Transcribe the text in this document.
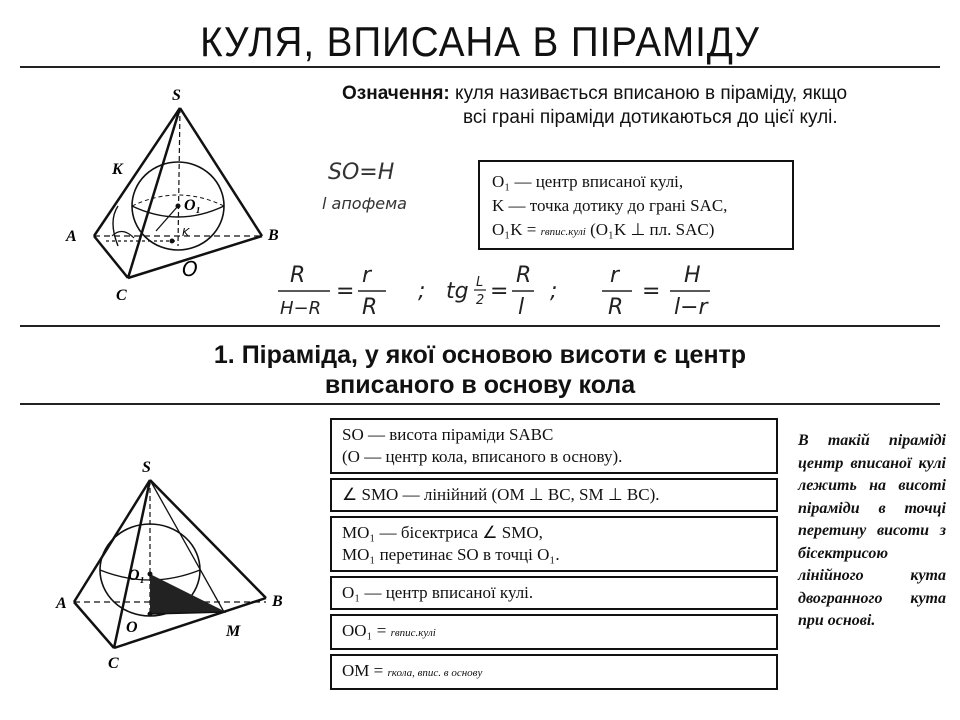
КУЛЯ, ВПИСАНА В ПІРАМІДУ
Означення: куля називається вписаною в піраміду, якщо
всі грані піраміди дотикаються до цієї кулі.
S
K
A	B
C
O₁
O
K
SO=H
l апофема
O₁ — центр вписаної кулі,
K — точка дотику до грані SAC,
O₁K = rвпис.кулі (O₁K ⊥ пл. SAC)
R
H−R
=
r
R
; tg L
2 =
R
l
;
r
R
=
H
l−r
1. Піраміда, у якої основою висоти є центр
вписаного в основу кола
S
A	B
C
O₁
O	M
SO — висота піраміди SABC
(O — центр кола, вписаного в основу).
∠ SMO — лінійний (OM ⊥ BC, SM ⊥ BC).
MO₁ — бісектриса ∠ SMO,
MO₁ перетинає SO в точці O₁.
O₁ — центр вписаної кулі.
OO₁ = rвпис.кулі
OM = rкола, впис. в основу
В такій піраміді центр вписаної кулі лежить на висоті піраміди в точці перетину висоти з бісектрисою лінійного кута двогранного кута при основі.
